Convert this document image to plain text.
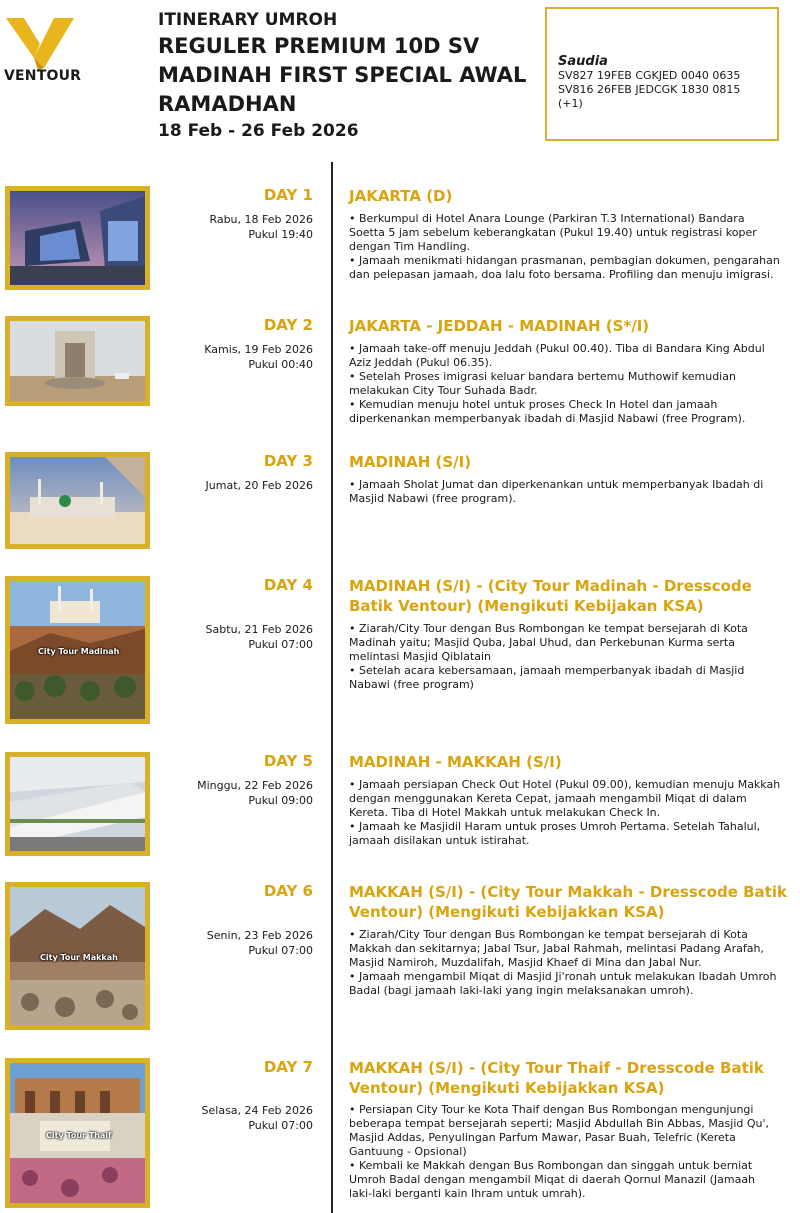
VENTOUR
ITINERARY UMROH
REGULER PREMIUM 10D SV
MADINAH FIRST SPECIAL AWAL
RAMADHAN
18 Feb - 26 Feb 2026
Saudia
SV827 19FEB CGKJED 0040 0635
SV816 26FEB JEDCGK 1830 0815 (+1)
DAY 1
Rabu, 18 Feb 2026
Pukul 19:40
JAKARTA (D)

• Berkumpul di Hotel Anara Lounge (Parkiran T.3 International) Bandara Soetta 5 jam sebelum keberangkatan (Pukul 19.40) untuk registrasi koper dengan Tim Handling.

• Jamaah menikmati hidangan prasmanan, pembagian dokumen, pengarahan dan pelepasan jamaah, doa lalu foto bersama. Profiling dan menuju imigrasi.

DAY 2
Kamis, 19 Feb 2026
Pukul 00:40
JAKARTA - JEDDAH - MADINAH (S*/I)

• Jamaah take-off menuju Jeddah (Pukul 00.40). Tiba di Bandara King Abdul Aziz Jeddah (Pukul 06.35).

• Setelah Proses imigrasi keluar bandara bertemu Muthowif kemudian melakukan City Tour Suhada Badr.

• Kemudian menuju hotel untuk proses Check In Hotel dan jamaah diperkenankan memperbanyak ibadah di Masjid Nabawi (free Program).

DAY 3
Jumat, 20 Feb 2026
MADINAH (S/I)

• Jamaah Sholat Jumat dan diperkenankan untuk memperbanyak Ibadah di Masjid Nabawi (free program).

City Tour Madinah
DAY 4
Sabtu, 21 Feb 2026
Pukul 07:00
MADINAH (S/I) - (City Tour Madinah - Dresscode Batik Ventour) (Mengikuti Kebijakan KSA)

• Ziarah/City Tour dengan Bus Rombongan ke tempat bersejarah di Kota Madinah yaitu; Masjid Quba, Jabal Uhud, dan Perkebunan Kurma serta melintasi Masjid Qiblatain

• Setelah acara kebersamaan, jamaah memperbanyak ibadah di Masjid Nabawi (free program)

DAY 5
Minggu, 22 Feb 2026
Pukul 09:00
MADINAH - MAKKAH (S/I)

• Jamaah persiapan Check Out Hotel (Pukul 09.00), kemudian menuju Makkah dengan menggunakan Kereta Cepat, jamaah mengambil Miqat di dalam Kereta. Tiba di Hotel Makkah untuk melakukan Check In.

• Jamaah ke Masjidil Haram untuk proses Umroh Pertama. Setelah Tahalul, jamaah disilakan untuk istirahat.

City Tour Makkah
DAY 6
Senin, 23 Feb 2026
Pukul 07:00
MAKKAH (S/I) - (City Tour Makkah - Dresscode Batik Ventour) (Mengikuti Kebijakkan KSA)

• Ziarah/City Tour dengan Bus Rombongan ke tempat bersejarah di Kota Makkah dan sekitarnya; Jabal Tsur, Jabal Rahmah, melintasi Padang Arafah, Masjid Namiroh, Muzdalifah, Masjid Khaef di Mina dan Jabal Nur.

• Jamaah mengambil Miqat di Masjid Ji'ronah untuk melakukan Ibadah Umroh Badal (bagi jamaah laki-laki yang ingin melaksanakan umroh).

City Tour Thaif
DAY 7
Selasa, 24 Feb 2026
Pukul 07:00
MAKKAH (S/I) - (City Tour Thaif - Dresscode Batik Ventour) (Mengikuti Kebijakkan KSA)

• Persiapan City Tour ke Kota Thaif dengan Bus Rombongan mengunjungi beberapa tempat bersejarah seperti; Masjid Abdullah Bin Abbas, Masjid Qu', Masjid Addas, Penyulingan Parfum Mawar, Pasar Buah, Telefric (Kereta Gantuung - Opsional)

• Kembali ke Makkah dengan Bus Rombongan dan singgah untuk berniat Umroh Badal dengan mengambil Miqat di daerah Qornul Manazil (Jamaah laki-laki berganti kain Ihram untuk umrah).
